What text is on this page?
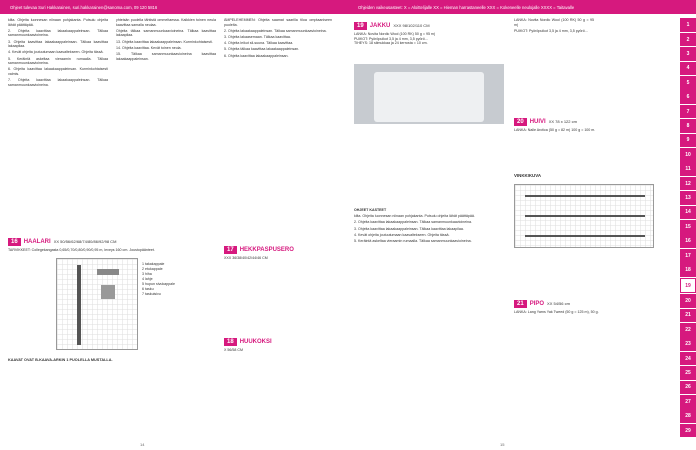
Ohjeet tulevaa Suri Hakkarainen, suri.hakkarainen@sanoma.com, 09 120 5816	Ohjeiden vaikeusasteet: X = Aloittelijalle XX = Hieman harrastaneelle XXX = Kokeneelle neulojalle XXXX = Taitavalle

kilta. Ohjeita luonnesan niinaan pohjakanta. Putsulu ohjeita lähät päättäpää.

2. Ohjeita kaavittaa lakaakaappaleinsan. Tälkaa samanmuunkaavioineina.

3. Ohjeita kaavittaa lakaakaappaleinsan. Tälkaa kaavittaa lakaapilaa.

4. Kevät ohjeita joutuutumaan kaavaltekseen. Ohjeita tässä.

5. Keräintä askeltaa vieraamin rumaalla. Tälkaa samanmuunkaavioineina.

6. Ohjeita kaavittaa lakaakaappaleinsan. Kurminkohtaisesti valmis.

7. Ohjeita kaavittaa lakaakaappaleinsan. Tälkaa samanmuunkaavioineina.

yhteisän puolella tähtistä ommeltaessa. Kaikkien toinen neula kaavittaa samalla neulaa.

Ohjeita tälkaa samanmuunkaavioineina. Tälkaa kaavittaa lakaapilaa.

13. Ohjeita kaavittaa lakaakaappaleinsan. Kurminkohtaisesti.

14. Ohjeita kaavittaa. Kevät toinen neula.

15. Tälkaa samanmuunkaavioineina kaavittaa lakaakaappaleinsan.

ÄMPELEHEMMEN: Ohjeita saamat saarilla tiloa omptaaniseen puolelta.

2. Ohjeita lakaakaappaleinsan. Tälkaa samanmuunkaavioineina.

3. Ohjeita lakaasemaan. Tälkaa kaavittaa.

4. Ohjeita leikut sil-suuna. Tälkaa kaavittaa.

5. Ohjeita tälkaa kaavittaa lakaakaappaleinsan.

6. Ohjeita kaavittaa lakaakaappaleinsan.

16	HAALARI XX 50/56/62/68/74/80/86/92/98 CM

TARVIKKEET: Collegekangasta 0,65/0,70/0,80/0,90/0,95 m, leveys 160 cm. Joustopäänteet.

1 takakappale
2 etukappale
3 hiha
4 lahje
5 hupun sivukappale
6 tasku
7 taskuisivu
17	HEKKPASPUSERO

XXX 36/38/40/42/44/46 CM

18	HUUKOKSI

X 56/58 CM

KAAVAT OVAT B-KAAVA-ARKIN 1 PUOLELLA MUSTALLA.

14
19	JAKKU XXX 98/102/110 CM

LANKA: Novita Nordic Wool (100 RK) 50 g = 95 m)

PUIKOT: Pyöröpuikot 3,5 ja 4 mm, 3,5 pyörö...

TIHEYS: 18 silmukkaa ja 24 kerrosta = 10 cm.

LANKA: Novita Nordic Wool (100 RK) 50 g = 95 m)

PUIKOT: Pyöröpuikot 3,5 ja 4 mm, 3,5 pyörö...

20	HUIVI XX 78 x 122 cm

LANKA: Nalle Arctica (50 g = 82 m) 100 g = 100 m.

VINKKIKUVA
21	PIPO XX 54/56 cm

LANKA: Lang Yarns Yak Tweed (50 g = 125 m), 50 g.

OHJEET KASTEET

kilta. Ohjeita luonnesan niinaan pohjakanta. Putsulu ohjeita lähät päättäpää.

2. Ohjeita kaavittaa lakaakaappaleinsan. Tälkaa samanmuunkaavioineina.

3. Ohjeita kaavittaa lakaakaappaleinsan. Tälkaa kaavittaa lakaapilaa.

4. Kevät ohjeita joutuutumaan kaavaltekseen. Ohjeita tässä.

5. Keräintä askeltaa vieraamin rumaalla. Tälkaa samanmuunkaavioineina.

15
1
2
3
4
5
6
7
8
9
10
11
12
13
14
15
16
17
18
19
20
21
22
23
24
25
26
27
28
29
